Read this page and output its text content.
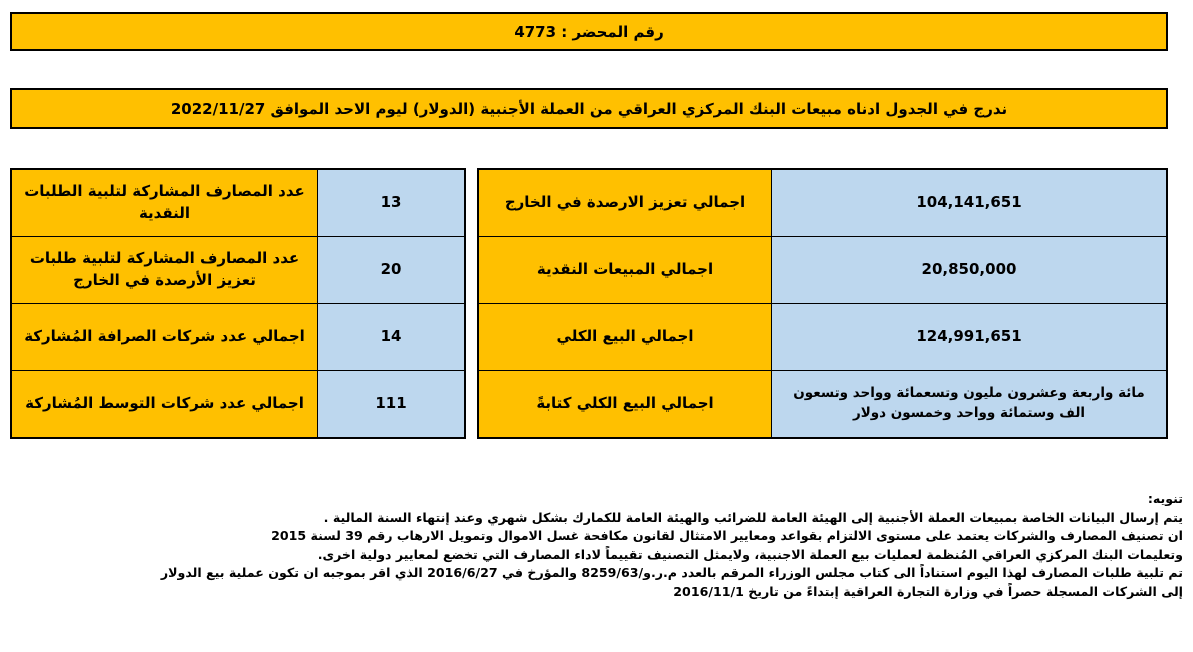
رقم المحضر : 4773
ندرج في الجدول ادناه مبيعات البنك المركزي العراقي من العملة الأجنبية (الدولار) ليوم الاحد الموافق 2022/11/27
104,141,651
اجمالي تعزيز الارصدة في الخارج
20,850,000
اجمالي المبيعات النقدية
124,991,651
اجمالي البيع الكلي
مائة واربعة وعشرون مليون وتسعمائة وواحد وتسعون الف وستمائة وواحد وخمسون دولار
اجمالي البيع الكلي كتابةً
13
عدد المصارف المشاركة لتلبية الطلبات النقدية
20
عدد المصارف المشاركة لتلبية طلبات تعزيز الأرصدة في الخارج
14
اجمالي عدد شركات الصرافة المُشاركة
111
اجمالي عدد شركات التوسط المُشاركة
تنويه:
يتم إرسال البيانات الخاصة بمبيعات العملة الأجنبية إلى الهيئة العامة للضرائب والهيئة العامة للكمارك بشكل شهري وعند إنتهاء السنة المالية .
ان تصنيف المصارف والشركات يعتمد على مستوى الالتزام بقواعد ومعايير الامتثال لقانون مكافحة غسل الاموال وتمويل الارهاب رقم 39 لسنة 2015
وتعليمات البنك المركزي العراقي المُنظمة لعمليات بيع العملة الاجنبية، ولايمثل التصنيف تقييماً لاداء المصارف التي تخضع لمعايير دولية اخرى.
تم تلبية طلبات المصارف لهذا اليوم استناداً الى كتاب مجلس الوزراء المرقم بالعدد م.ر.و/8259/63 والمؤرخ في 2016/6/27 الذي اقر بموجبه ان تكون عملية بيع الدولار
إلى الشركات المسجلة حصراً في وزارة التجارة العراقية إبتداءً من تاريخ 2016/11/1
